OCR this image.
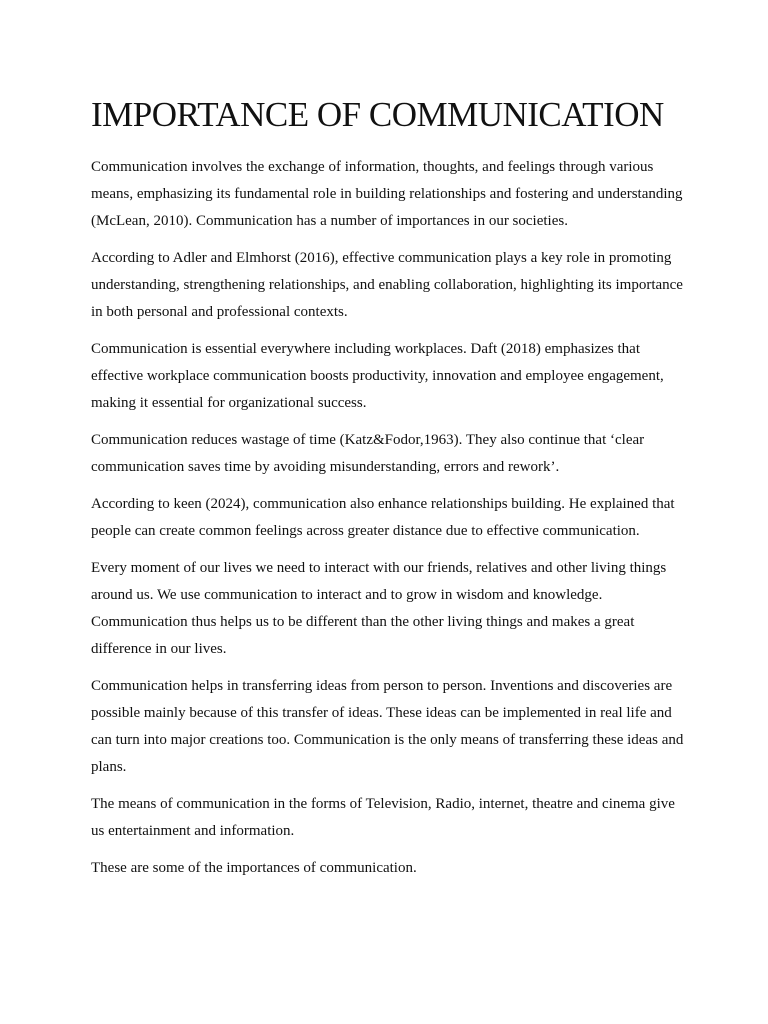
IMPORTANCE OF COMMUNICATION

Communication involves the exchange of information, thoughts, and feelings through various means, emphasizing its fundamental role in building relationships and fostering and understanding (McLean, 2010). Communication has a number of importances in our societies.

According to Adler and Elmhorst (2016), effective communication plays a key role in promoting understanding, strengthening relationships, and enabling collaboration, highlighting its importance in both personal and professional contexts.

Communication is essential everywhere including workplaces. Daft (2018) emphasizes that effective workplace communication boosts productivity, innovation and employee engagement, making it essential for organizational success.

Communication reduces wastage of time (Katz&Fodor,1963). They also continue that ‘clear communication saves time by avoiding misunderstanding, errors and rework’.

According to keen (2024), communication also enhance relationships building. He explained that people can create common feelings across greater distance due to effective communication.

Every moment of our lives we need to interact with our friends, relatives and other living things around us. We use communication to interact and to grow in wisdom and knowledge. Communication thus helps us to be different than the other living things and makes a great difference in our lives.

Communication helps in transferring ideas from person to person. Inventions and discoveries are possible mainly because of this transfer of ideas. These ideas can be implemented in real life and can turn into major creations too. Communication is the only means of transferring these ideas and plans.

The means of communication in the forms of Television, Radio, internet, theatre and cinema give us entertainment and information.

These are some of the importances of communication.
